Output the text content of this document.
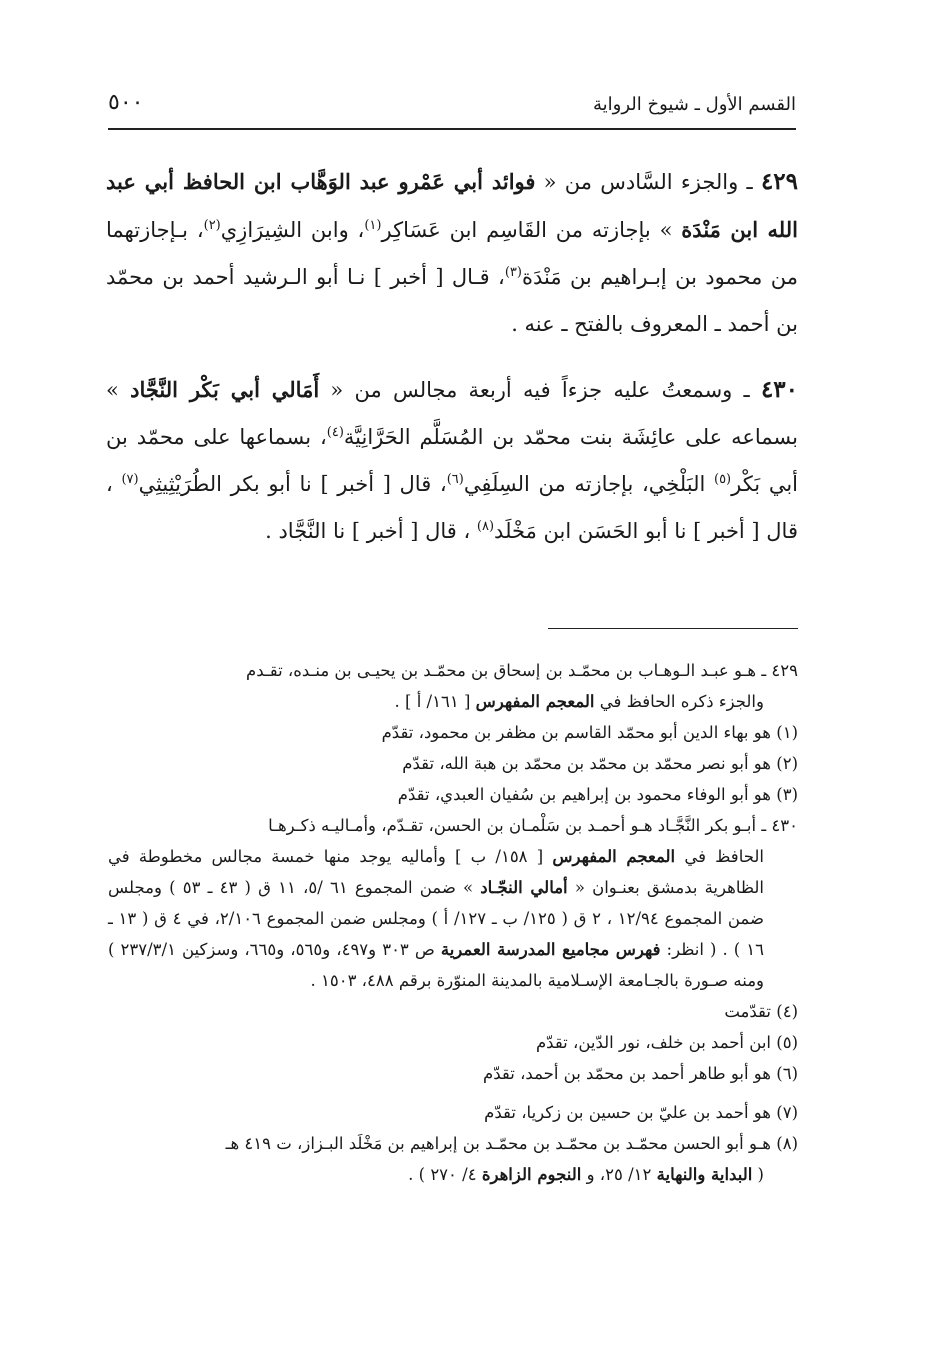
القسم الأول ـ شيوخ الرواية
٥٠٠

٤٢٩ ـ والجزء السَّادس من « فوائد أبي عَمْرو عبد الوَهَّاب ابن الحافظ أبي عبد الله ابن مَنْدَة » بإجازته من القَاسِم ابن عَسَاكِر$^{(١)}$، وابن الشِيرَازِي$^{(٢)}$، بـإجازتهما من محمود بن إبـراهيم بن مَنْدَة$^{(٣)}$، قـال [ أخبر ] نـا أبو الـرشيد أحمد بن محمّد بن أحمد ـ المعروف بالفتح ـ عنه .

٤٣٠ ـ وسمعتُ عليه جزءاً فيه أربعة مجالس من « أَمَالي أبي بَكْر النَّجَّاد » بسماعه على عائِشَة بنت محمّد بن المُسَلَّم الحَرَّانِيَّة$^{(٤)}$، بسماعها على محمّد بن أبي بَكْر$^{(٥)}$ البَلْخِي، بإجازته من السِلَفِي$^{(٦)}$، قال [ أخبر ] نا أبو بكر الطُرَيْثِيثِي$^{(٧)}$ ، قال [ أخبر ] نا أبو الحَسَن ابن مَخْلَد$^{(٨)}$ ، قال [ أخبر ] نا النَّجَّاد .

٤٢٩ ـ هـو عبـد الـوهـاب بن محمّـد بن إسحاق بن محمّـد بن يحيـى بن منـده، تقـدم
والجزء ذكره الحافظ في المعجم المفهرس [ ١٦١/ أ ] .

(١) هو بهاء الدين أبو محمّد القاسم بن مظفر بن محمود، تقدّم

(٢) هو أبو نصر محمّد بن محمّد بن محمّد بن هبة الله، تقدّم

(٣) هو أبو الوفاء محمود بن إبراهيم بن سُفيان العبدي، تقدّم

٤٣٠ ـ أبـو بكر النَّجَّـاد هـو أحمـد بن سَلْمـان بن الحسن، تقـدّم، وأمـاليـه ذكـرهـا
الحافظ في المعجم المفهرس [ ١٥٨/ ب ] وأماليه يوجد منها خمسة مجالس مخطوطة في الظاهرية بدمشق بعنـوان « أمالي النجّـاد » ضمن المجموع ٦١ /٥، ١١ ق ( ٤٣ ـ ٥٣ ) ومجلس ضمن المجموع ١٢/٩٤ ، ٢ ق ( ١٢٥/ ب ـ ١٢٧/ أ ) ومجلس ضمن المجموع ٢/١٠٦، في ٤ ق ( ١٣ ـ ١٦ ) . ( انظر: فهرس مجاميع المدرسة العمرية ص ٣٠٣ و٤٩٧، و٥٦٥، و٦٦٥، وسزكين ٢٣٧/٣/١ ) ومنه صـورة بالجـامعة الإسـلامية بالمدينة المنوّرة برقم ٤٨٨، ١٥٠٣ .

(٤) تقدّمت

(٥) ابن أحمد بن خلف، نور الدّين، تقدّم

(٦) هو أبو طاهر أحمد بن محمّد بن أحمد، تقدّم

(٧) هو أحمد بن عليّ بن حسين بن زكريا، تقدّم

(٨) هـو أبو الحسن محمّـد بن محمّـد بن محمّـد بن إبراهيم بن مَخْلَد البـزاز، ت ٤١٩ هـ
( البداية والنهاية ١٢/ ٢٥، و النجوم الزاهرة ٤/ ٢٧٠ ) .
